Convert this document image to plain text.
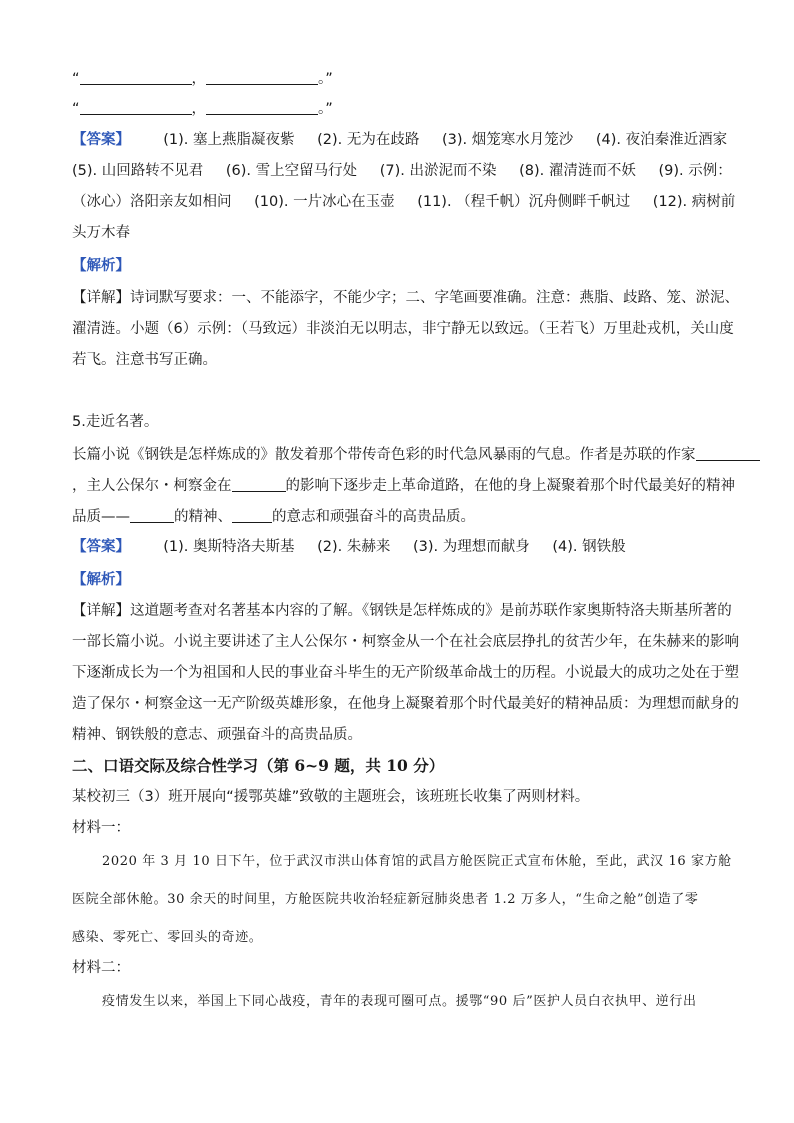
“	，	。”
“	，	。”
【答案】 (1). 塞上燕脂凝夜紫 (2). 无为在歧路 (3). 烟笼寒水月笼沙 (4). 夜泊秦淮近酒家
(5). 山回路转不见君 (6). 雪上空留马行处 (7). 出淤泥而不染 (8). 濯清涟而不妖 (9). 示例：
（冰心）洛阳亲友如相问 (10). 一片冰心在玉壶 (11). （程千帆）沉舟侧畔千帆过 (12). 病树前
头万木春
【解析】
【详解】诗词默写要求：一、不能添字，不能少字；二、字笔画要准确。注意：燕脂、歧路、笼、淤泥、
濯清涟。小题（6）示例：（马致远）非淡泊无以明志，非宁静无以致远。（王若飞）万里赴戎机，关山度
若飞。注意书写正确。
5.走近名著。
长篇小说《钢铁是怎样炼成的》散发着那个带传奇色彩的时代急风暴雨的气息。作者是苏联的作家
，主人公保尔・柯察金在	的影响下逐步走上革命道路，在他的身上凝聚着那个时代最美好的精神
品质——	的精神、	的意志和顽强奋斗的高贵品质。
【答案】 (1). 奥斯特洛夫斯基 (2). 朱赫来 (3). 为理想而献身 (4). 钢铁般
【解析】
【详解】这道题考查对名著基本内容的了解。《钢铁是怎样炼成的》是前苏联作家奥斯特洛夫斯基所著的
一部长篇小说。小说主要讲述了主人公保尔・柯察金从一个在社会底层挣扎的贫苦少年，在朱赫来的影响
下逐渐成长为一个为祖国和人民的事业奋斗毕生的无产阶级革命战士的历程。小说最大的成功之处在于塑
造了保尔・柯察金这一无产阶级英雄形象，在他身上凝聚着那个时代最美好的精神品质：为理想而献身的
精神、钢铁般的意志、顽强奋斗的高贵品质。
二、口语交际及综合性学习（第 6~9 题，共 10 分）
某校初三（3）班开展向“援鄂英雄”致敬的主题班会，该班班长收集了两则材料。
材料一：
2020 年 3 月 10 日下午，位于武汉市洪山体育馆的武昌方舱医院正式宣布休舱，至此，武汉 16 家方舱
医院全部休舱。30 余天的时间里，方舱医院共收治轻症新冠肺炎患者 1.2 万多人，“生命之舱”创造了零
感染、零死亡、零回头的奇迹。
材料二：
疫情发生以来，举国上下同心战疫，青年的表现可圈可点。援鄂“90 后”医护人员白衣执甲、逆行出
